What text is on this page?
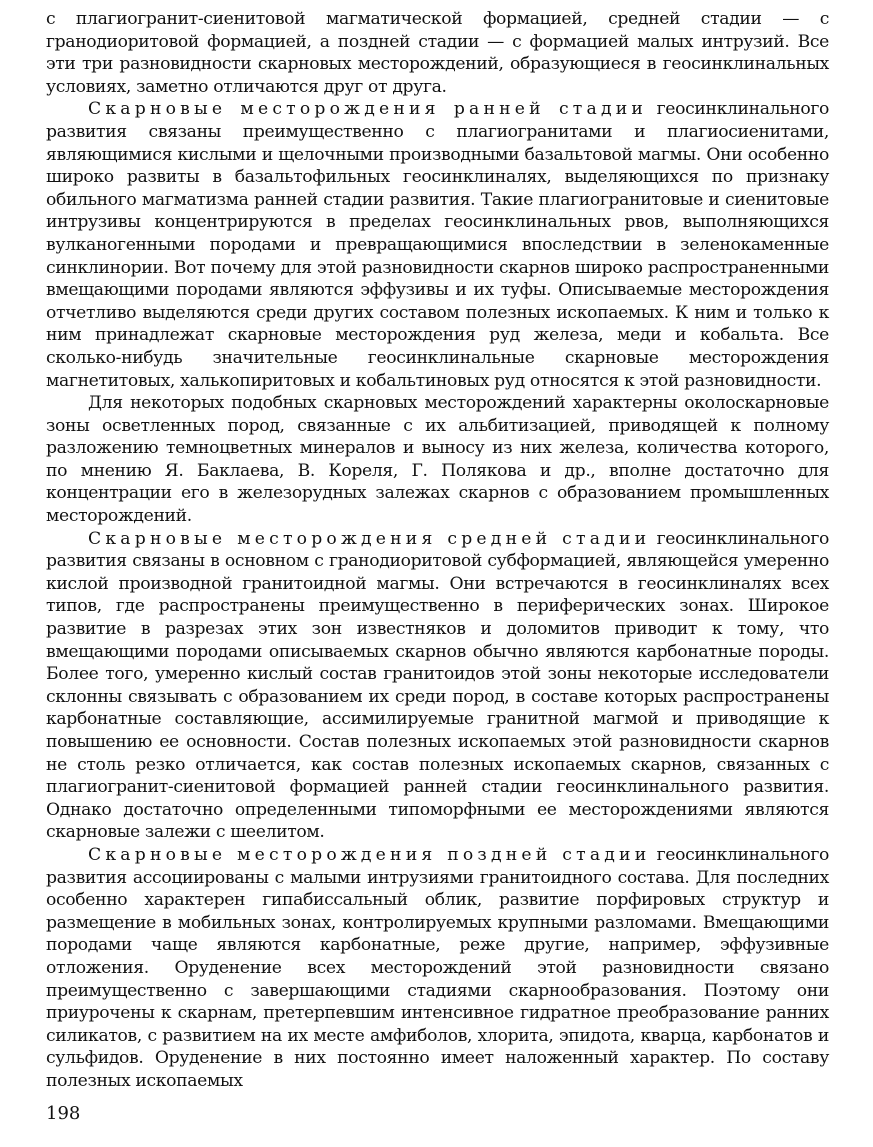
с плагиогранит-сиенитовой магматической формацией, средней стадии — с гранодиоритовой формацией, а поздней стадии — с формацией малых интрузий. Все эти три разновидности скарновых месторождений, образующиеся в геосинклинальных условиях, заметно отличаются друг от друга.

Скарновые месторождения ранней стадии геосинклинального развития связаны преимущественно с плагиогранитами и плагиосиенитами, являющимися кислыми и щелочными производными базальтовой магмы. Они особенно широко развиты в базальтофильных геосинклиналях, выделяющихся по признаку обильного магматизма ранней стадии развития. Такие плагиогранитовые и сиенитовые интрузивы концентрируются в пределах геосинклинальных рвов, выполняющихся вулканогенными породами и превращающимися впоследствии в зеленокаменные синклинории. Вот почему для этой разновидности скарнов широко распространенными вмещающими породами являются эффузивы и их туфы. Описываемые месторождения отчетливо выделяются среди других составом полезных ископаемых. К ним и только к ним принадлежат скарновые месторождения руд железа, меди и кобальта. Все сколько-нибудь значительные геосинклинальные скарновые месторождения магнетитовых, халькопиритовых и кобальтиновых руд относятся к этой разновидности.

Для некоторых подобных скарновых месторождений характерны околоскарновые зоны осветленных пород, связанные с их альбитизацией, приводящей к полному разложению темноцветных минералов и выносу из них железа, количества которого, по мнению Я. Баклаева, В. Кореля, Г. Полякова и др., вполне достаточно для концентрации его в железорудных залежах скарнов с образованием промышленных месторождений.

Скарновые месторождения средней стадии геосинклинального развития связаны в основном с гранодиоритовой субформацией, являющейся умеренно кислой производной гранитоидной магмы. Они встречаются в геосинклиналях всех типов, где распространены преимущественно в периферических зонах. Широкое развитие в разрезах этих зон известняков и доломитов приводит к тому, что вмещающими породами описываемых скарнов обычно являются карбонатные породы. Более того, умеренно кислый состав гранитоидов этой зоны некоторые исследователи склонны связывать с образованием их среди пород, в составе которых распространены карбонатные составляющие, ассимилируемые гранитной магмой и приводящие к повышению ее основности. Состав полезных ископаемых этой разновидности скарнов не столь резко отличается, как состав полезных ископаемых скарнов, связанных с плагиогранит-сиенитовой формацией ранней стадии геосинклинального развития. Однако достаточно определенными типоморфными ее месторождениями являются скарновые залежи с шеелитом.

Скарновые месторождения поздней стадии геосинклинального развития ассоциированы с малыми интрузиями гранитоидного состава. Для последних особенно характерен гипабиссальный облик, развитие порфировых структур и размещение в мобильных зонах, контролируемых крупными разломами. Вмещающими породами чаще являются карбонатные, реже другие, например, эффузивные отложения. Оруденение всех месторождений этой разновидности связано преимущественно с завершающими стадиями скарнообразования. Поэтому они приурочены к скарнам, претерпевшим интенсивное гидратное преобразование ранних силикатов, с развитием на их месте амфиболов, хлорита, эпидота, кварца, карбонатов и сульфидов. Оруденение в них постоянно имеет наложенный характер. По составу полезных ископаемых

198
